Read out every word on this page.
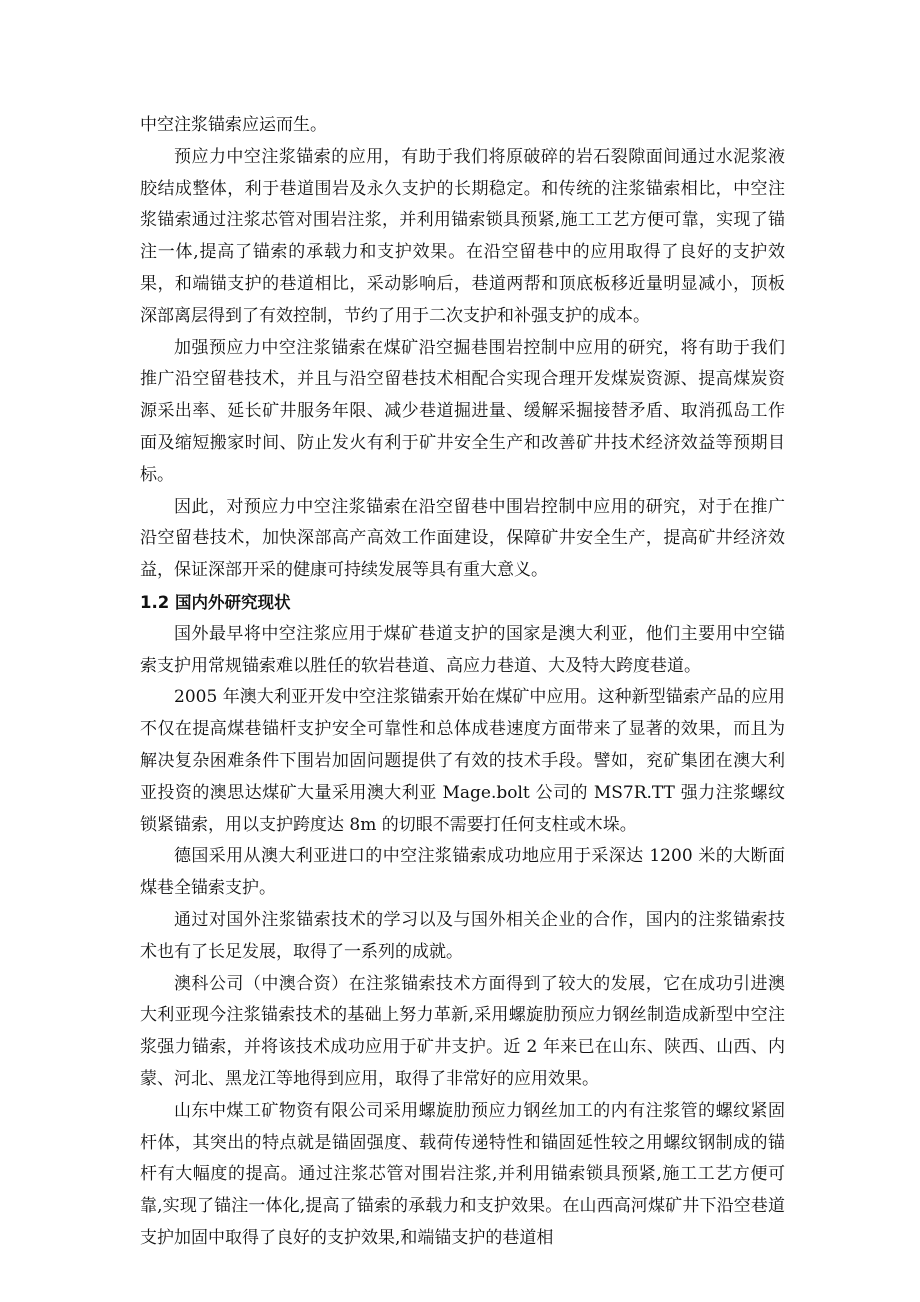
中空注浆锚索应运而生。

预应力中空注浆锚索的应用，有助于我们将原破碎的岩石裂隙面间通过水泥浆液胶结成整体，利于巷道围岩及永久支护的长期稳定。和传统的注浆锚索相比，中空注浆锚索通过注浆芯管对围岩注浆，并利用锚索锁具预紧,施工工艺方便可靠，实现了锚注一体,提高了锚索的承载力和支护效果。在沿空留巷中的应用取得了良好的支护效果，和端锚支护的巷道相比，采动影响后，巷道两帮和顶底板移近量明显减小，顶板深部离层得到了有效控制，节约了用于二次支护和补强支护的成本。

加强预应力中空注浆锚索在煤矿沿空掘巷围岩控制中应用的研究，将有助于我们推广沿空留巷技术，并且与沿空留巷技术相配合实现合理开发煤炭资源、提高煤炭资源采出率、延长矿井服务年限、减少巷道掘进量、缓解采掘接替矛盾、取消孤岛工作面及缩短搬家时间、防止发火有利于矿井安全生产和改善矿井技术经济效益等预期目标。

因此，对预应力中空注浆锚索在沿空留巷中围岩控制中应用的研究，对于在推广沿空留巷技术，加快深部高产高效工作面建设，保障矿井安全生产，提高矿井经济效益，保证深部开采的健康可持续发展等具有重大意义。

1.2 国内外研究现状

国外最早将中空注浆应用于煤矿巷道支护的国家是澳大利亚，他们主要用中空锚索支护用常规锚索难以胜任的软岩巷道、高应力巷道、大及特大跨度巷道。

2005 年澳大利亚开发中空注浆锚索开始在煤矿中应用。这种新型锚索产品的应用不仅在提高煤巷锚杆支护安全可靠性和总体成巷速度方面带来了显著的效果，而且为解决复杂困难条件下围岩加固问题提供了有效的技术手段。譬如，兖矿集团在澳大利亚投资的澳思达煤矿大量采用澳大利亚 Mage.bolt 公司的 MS7R.TT 强力注浆螺纹锁紧锚索，用以支护跨度达 8m 的切眼不需要打任何支柱或木垛。

德国采用从澳大利亚进口的中空注浆锚索成功地应用于采深达 1200 米的大断面煤巷全锚索支护。

通过对国外注浆锚索技术的学习以及与国外相关企业的合作，国内的注浆锚索技术也有了长足发展，取得了一系列的成就。

澳科公司（中澳合资）在注浆锚索技术方面得到了较大的发展，它在成功引进澳大利亚现今注浆锚索技术的基础上努力革新,采用螺旋肋预应力钢丝制造成新型中空注浆强力锚索，并将该技术成功应用于矿井支护。近 2 年来已在山东、陕西、山西、内蒙、河北、黑龙江等地得到应用，取得了非常好的应用效果。

山东中煤工矿物资有限公司采用螺旋肋预应力钢丝加工的内有注浆管的螺纹紧固杆体，其突出的特点就是锚固强度、载荷传递特性和锚固延性较之用螺纹钢制成的锚杆有大幅度的提高。通过注浆芯管对围岩注浆,并利用锚索锁具预紧,施工工艺方便可靠,实现了锚注一体化,提高了锚索的承载力和支护效果。在山西高河煤矿井下沿空巷道支护加固中取得了良好的支护效果,和端锚支护的巷道相
